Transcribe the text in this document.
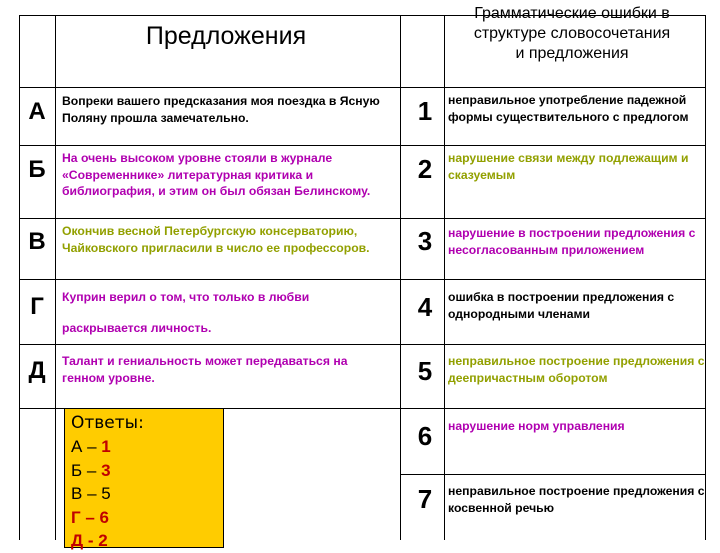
Предложения

Грамматические ошибки в
структуре словосочетания
и предложения

А
Б
В
Г
Д
Вопреки вашего предсказания моя поездка в Ясную Поляну прошла замечательно.
На очень высоком уровне стояли в журнале «Современнике» литературная критика и библиография, и этим он был обязан Белинскому.
Окончив весной Петербургскую консерваторию, Чайковского пригласили в число ее профессоров.
Куприн верил о том, что только в любви
раскрывается личность.
Талант и гениальность может передаваться на генном уровне.
1
2
3
4
5
6
7
неправильное употребление падежной формы существительного с предлогом
нарушение связи между подлежащим и сказуемым
нарушение в построении предложения с несогласованным приложением
ошибка в построении предложения с однородными членами
неправильное построение предложения с деепричастным оборотом
нарушение норм управления
неправильное построение предложения с косвенной речью
Ответы:
А – 1
Б – 3
В – 5
Г – 6
Д - 2
